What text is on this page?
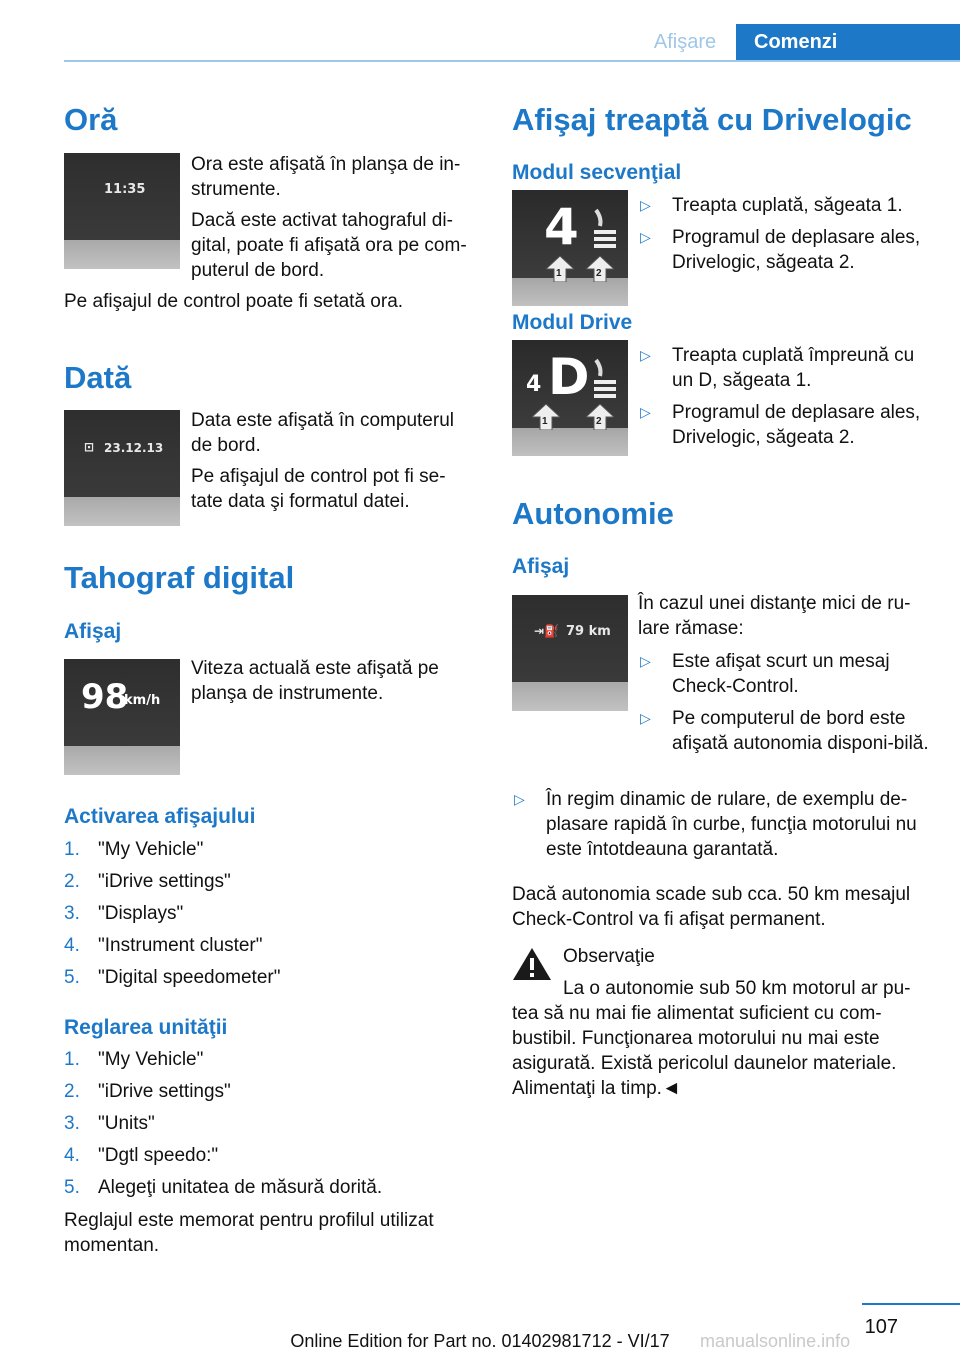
Afişare	Comenzi
Oră
11:35
Ora este afişată în planşa de in‐strumente.
Dacă este activat tahograful di‐gital, poate fi afişată ora pe com‐puterul de bord.
Pe afişajul de control poate fi setată ora.
Dată
⊡ 23.12.13
Data este afişată în computerul de bord.
Pe afişajul de control pot fi se‐tate data şi formatul datei.
Tahograf digital
Afişaj
98
km/h
Viteza actuală este afişată pe planşa de instrumente.
Activarea afişajului
1. "My Vehicle"
2. "iDrive settings"
3. "Displays"
4. "Instrument cluster"
5. "Digital speedometer"
Reglarea unităţii
1. "My Vehicle"
2. "iDrive settings"
3. "Units"
4. "Dgtl speedo:"
5. Alegeţi unitatea de măsură dorită.
Reglajul este memorat pentru profilul utilizat momentan.
Afişaj treaptă cu Drivelogic
Modul secvenţial
4
1	2
▷ Treapta cuplată, săgeata 1.
▷ Programul de deplasare ales, Drivelogic, săgeata 2.
Modul Drive
4 D
1	2
▷ Treapta cuplată împreună cu un D, săgeata 1.
▷ Programul de deplasare ales, Drivelogic, săgeata 2.
Autonomie
Afişaj
⇥⛽ 79 km
În cazul unei distanţe mici de ru‐lare rămase:
▷ Este afişat scurt un mesaj Check-Control.
▷ Pe computerul de bord este afişată autonomia disponi‐bilă.
▷ În regim dinamic de rulare, de exemplu de‐plasare rapidă în curbe, funcţia motorului nu este întotdeauna garantată.
Dacă autonomia scade sub cca. 50 km mesajul Check-Control va fi afişat permanent.
Observaţie
La o autonomie sub 50 km motorul ar pu‐
tea să nu mai fie alimentat suficient cu com‐bustibil. Funcţionarea motorului nu mai este asigurată. Există pericolul daunelor materiale. Alimentaţi la timp.◄
107
Online Edition for Part no. 01402981712 - VI/17	manualsonline.info
